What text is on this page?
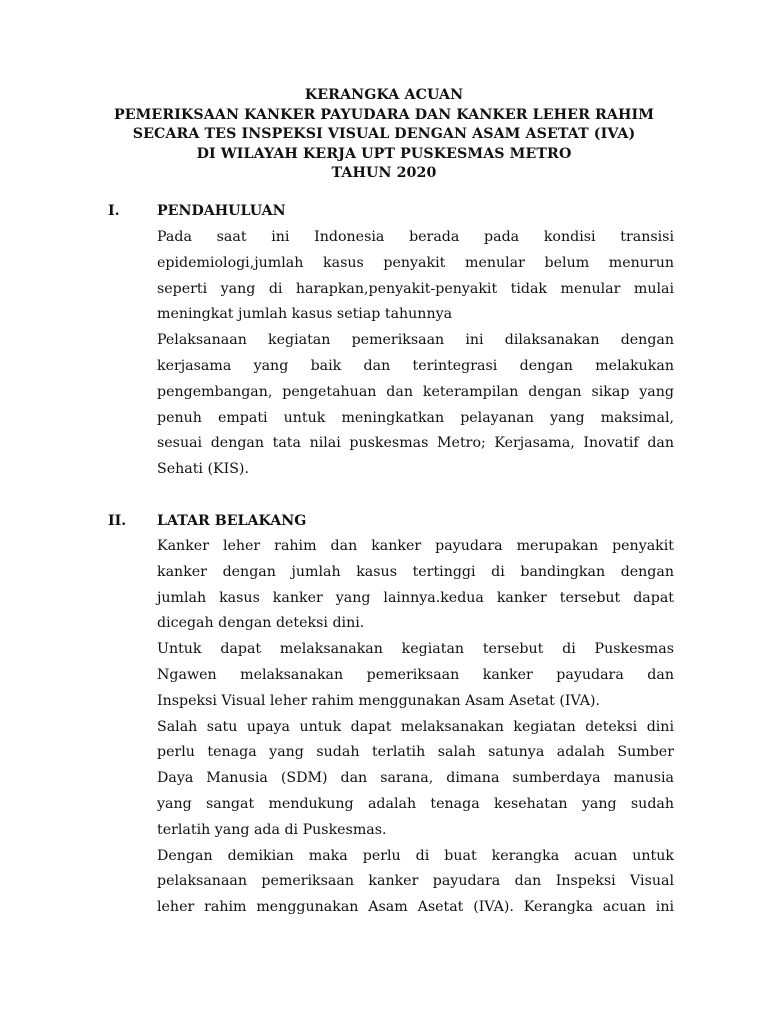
KERANGKA ACUAN
PEMERIKSAAN KANKER PAYUDARA DAN KANKER LEHER RAHIM
SECARA TES INSPEKSI VISUAL DENGAN ASAM ASETAT (IVA)
DI WILAYAH KERJA UPT PUSKESMAS METRO
TAHUN 2020
I.	PENDAHULUAN
Pada saat ini Indonesia berada pada kondisi transisi
epidemiologi,jumlah kasus penyakit menular belum menurun
seperti yang di harapkan,penyakit-penyakit tidak menular mulai
meningkat jumlah kasus setiap tahunnya
Pelaksanaan kegiatan pemeriksaan ini dilaksanakan dengan
kerjasama yang baik dan terintegrasi dengan melakukan
pengembangan, pengetahuan dan keterampilan dengan sikap yang
penuh empati untuk meningkatkan pelayanan yang maksimal,
sesuai dengan tata nilai puskesmas Metro; Kerjasama, Inovatif dan
Sehati (KIS).
II. LATAR BELAKANG
Kanker leher rahim dan kanker payudara merupakan penyakit
kanker dengan jumlah kasus tertinggi di bandingkan dengan
jumlah kasus kanker yang lainnya.kedua kanker tersebut dapat
dicegah dengan deteksi dini.
Untuk dapat melaksanakan kegiatan tersebut di Puskesmas
Ngawen melaksanakan pemeriksaan kanker payudara dan
Inspeksi Visual leher rahim menggunakan Asam Asetat (IVA).
Salah satu upaya untuk dapat melaksanakan kegiatan deteksi dini
perlu tenaga yang sudah terlatih salah satunya adalah Sumber
Daya Manusia (SDM) dan sarana, dimana sumberdaya manusia
yang sangat mendukung adalah tenaga kesehatan yang sudah
terlatih yang ada di Puskesmas.
Dengan demikian maka perlu di buat kerangka acuan untuk
pelaksanaan pemeriksaan kanker payudara dan Inspeksi Visual
leher rahim menggunakan Asam Asetat (IVA). Kerangka acuan ini
